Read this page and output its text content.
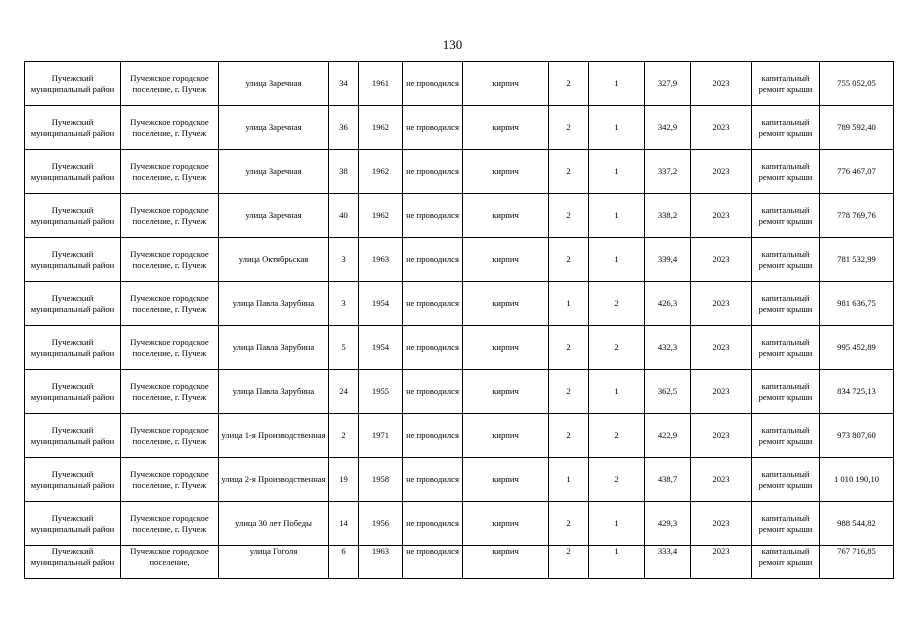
130
Пучежский муниципальный район	Пучежское городское поселение, г. Пучеж	улица Заречная	34	1961	не проводился	кирпич	2	1	327,9	2023	капитальный ремонт крыши	755 052,05
Пучежский муниципальный район	Пучежское городское поселение, г. Пучеж	улица Заречная	36	1962	не проводился	кирпич	2	1	342,9	2023	капитальный ремонт крыши	789 592,40
Пучежский муниципальный район	Пучежское городское поселение, г. Пучеж	улица Заречная	38	1962	не проводился	кирпич	2	1	337,2	2023	капитальный ремонт крыши	776 467,07
Пучежский муниципальный район	Пучежское городское поселение, г. Пучеж	улица Заречная	40	1962	не проводился	кирпич	2	1	338,2	2023	капитальный ремонт крыши	778 769,76
Пучежский муниципальный район	Пучежское городское поселение, г. Пучеж	улица Октябрьская	3	1963	не проводился	кирпич	2	1	339,4	2023	капитальный ремонт крыши	781 532,99
Пучежский муниципальный район	Пучежское городское поселение, г. Пучеж	улица Павла Зарубина	3	1954	не проводился	кирпич	1	2	426,3	2023	капитальный ремонт крыши	981 636,75
Пучежский муниципальный район	Пучежское городское поселение, г. Пучеж	улица Павла Зарубина	5	1954	не проводился	кирпич	2	2	432,3	2023	капитальный ремонт крыши	995 452,89
Пучежский муниципальный район	Пучежское городское поселение, г. Пучеж	улица Павла Зарубина	24	1955	не проводился	кирпич	2	1	362,5	2023	капитальный ремонт крыши	834 725,13
Пучежский муниципальный район	Пучежское городское поселение, г. Пучеж	улица 1-я Производственная	2	1971	не проводился	кирпич	2	2	422,9	2023	капитальный ремонт крыши	973 807,60
Пучежский муниципальный район	Пучежское городское поселение, г. Пучеж	улица 2-я Производственная	19	1958	не проводился	кирпич	1	2	438,7	2023	капитальный ремонт крыши	1 010 190,10
Пучежский муниципальный район	Пучежское городское поселение, г. Пучеж	улица 30 лет Победы	14	1956	не проводился	кирпич	2	1	429,3	2023	капитальный ремонт крыши	988 544,82
Пучежский муниципальный район	Пучежское городское поселение,	улица Гоголя	6	1963	не проводился	кирпич	2	1	333,4	2023	капитальный ремонт крыши	767 716,85
